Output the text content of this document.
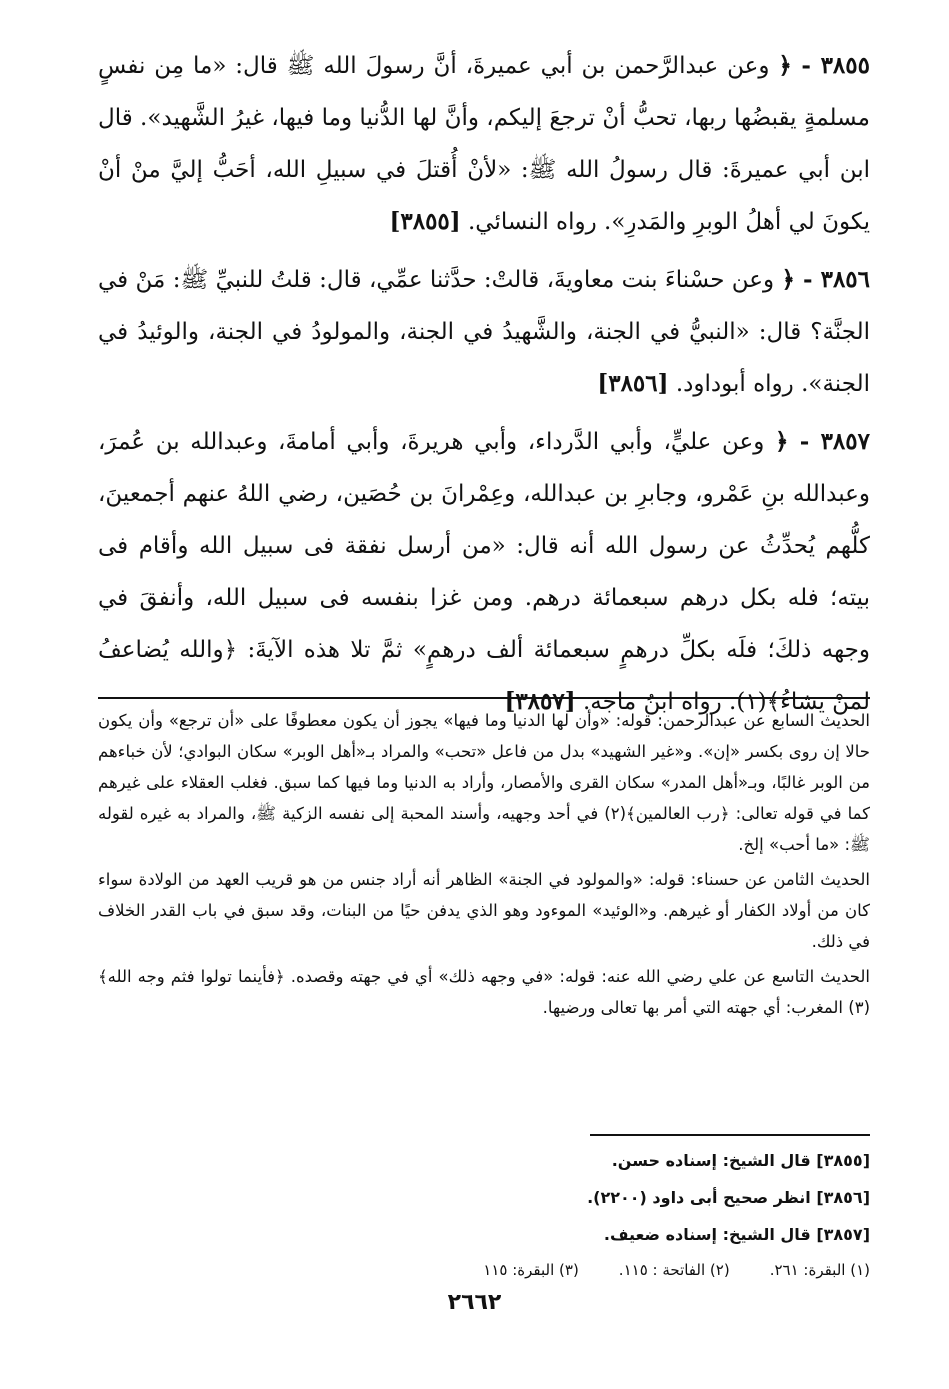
٣٨٥٥ - ﴿ وعن عبدالرَّحمن بن أبي عميرةَ، أنَّ رسولَ الله ﷺ قال: «ما مِن نفسٍ مسلمةٍ يقبضُها ربها، تحبُّ أنْ ترجعَ إليكم، وأنَّ لها الدُّنيا وما فيها، غيرُ الشَّهيد». قال ابن أبي عميرةَ: قال رسولُ الله ﷺ: «لأنْ أُقتلَ في سبيلِ الله، أحَبُّ إليَّ منْ أنْ يكونَ لي أهلُ الوبرِ والمَدرِ». رواه النسائي. [٣٨٥٥]

٣٨٥٦ - ﴿ وعن حسْناءَ بنت معاويةَ، قالتْ: حدَّثنا عمِّي، قال: قلتُ للنبيِّ ﷺ: مَنْ في الجنَّة؟ قال: «النبيُّ في الجنة، والشَّهيدُ في الجنة، والمولودُ في الجنة، والوئيدُ في الجنة». رواه أبوداود. [٣٨٥٦]

٣٨٥٧ - ﴿ وعن عليٍّ، وأبي الدَّرداء، وأبي هريرةَ، وأبي أمامةَ، وعبدالله بن عُمرَ، وعبدالله بنِ عَمْرو، وجابرِ بن عبدالله، وعِمْرانَ بن حُصَين، رضي اللهُ عنهم أجمعينَ، كلُّهم يُحدِّثُ عن رسول الله أنه قال: «من أرسل نفقة فى سبيل الله وأقام فى بيته؛ فله بكل درهم سبعمائة درهم. ومن غزا بنفسه فى سبيل الله، وأنفقَ في وجهه ذلكَ؛ فلَه بكلِّ درهمٍ سبعمائة ألف درهمٍ» ثمَّ تلا هذه الآيةَ: ﴿والله يُضاعفُ لمنْ يشاءُ﴾(١). رواه ابنُ ماجه. [٣٨٥٧]

الحديث السابع عن عبدالرحمن: قوله: «وأن لها الدنيا وما فيها» يجوز أن يكون معطوفًا على «أن ترجع» وأن يكون حالا إن روى بكسر «إن». و«غير الشهيد» بدل من فاعل «تحب» والمراد بـ«أهل الوبر» سكان البوادي؛ لأن خباءهم من الوبر غالبًا، وبـ«أهل المدر» سكان القرى والأمصار، وأراد به الدنيا وما فيها كما سبق. فغلب العقلاء على غيرهم كما في قوله تعالى: ﴿رب العالمين﴾(٢) في أحد وجهيه، وأسند المحبة إلى نفسه الزكية ﷺ، والمراد به غيره لقوله ﷺ: «ما أحب» إلخ.

الحديث الثامن عن حسناء: قوله: «والمولود في الجنة» الظاهر أنه أراد جنس من هو قريب العهد من الولادة سواء كان من أولاد الكفار أو غيرهم. و«الوئيد» الموءود وهو الذي يدفن حيًا من البنات، وقد سبق في باب القدر الخلاف في ذلك.

الحديث التاسع عن علي رضي الله عنه: قوله: «في وجهه ذلك» أي في جهته وقصده. ﴿فأينما تولوا فثم وجه الله﴾(٣) المغرب: أي جهته التي أمر بها تعالى ورضيها.

[٣٨٥٥] قال الشيخ: إسناده حسن.

[٣٨٥٦] انظر صحيح أبى داود (٢٢٠٠).

[٣٨٥٧] قال الشيخ: إسناده ضعيف.

(١) البقرة: ٢٦١.
(٢) الفاتحة : ١١٥.
(٣) البقرة: ١١٥

٢٦٦٢
